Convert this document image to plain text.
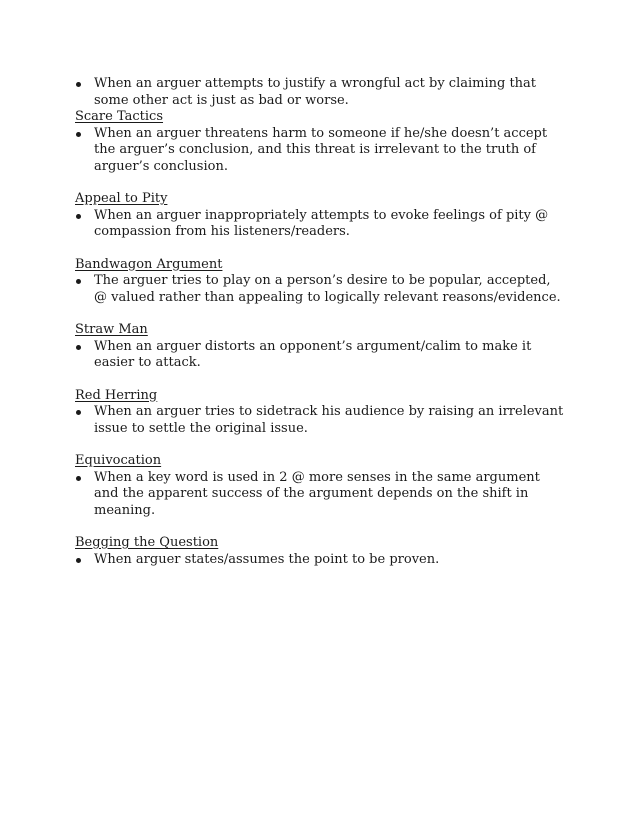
When an arguer attempts to justify a wrongful act by claiming that some other act is just as bad or worse.
Scare Tactics
When an arguer threatens harm to someone if he/she doesn’t accept the arguer’s conclusion, and this threat is irrelevant to the truth of arguer’s conclusion.
Appeal to Pity
When an arguer inappropriately attempts to evoke feelings of pity @ compassion from his listeners/readers.
Bandwagon Argument
The arguer tries to play on a person’s desire to be popular, accepted, @ valued rather than appealing to logically relevant reasons/evidence.
Straw Man
When an arguer distorts an opponent’s argument/calim to make it easier to attack.
Red Herring
When an arguer tries to sidetrack his audience by raising an irrelevant issue to settle the original issue.
Equivocation
When a key word is used in 2 @ more senses in the same argument and the apparent success of the argument depends on the shift in meaning.
Begging the Question
When arguer states/assumes the point to be proven.
